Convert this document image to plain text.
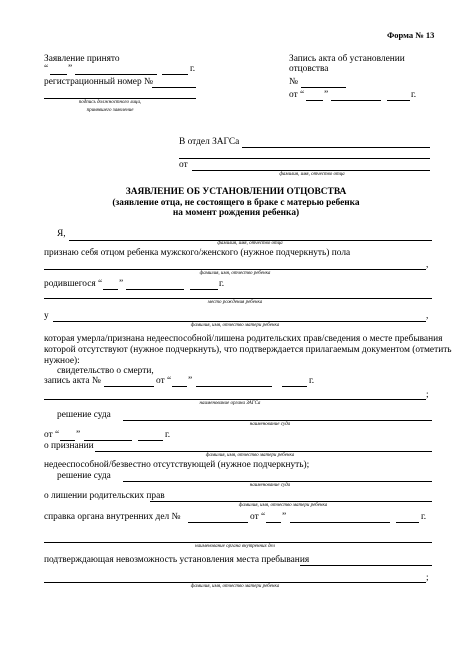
Форма № 13
Заявление принято
“ ”	г.
регистрационный номер №
подпись должностного лица,
принявшего заявление
Запись акта об установлении
отцовства
№
от “ ”	г.
В отдел ЗАГСа
от
фамилия, имя, отчество отца
ЗАЯВЛЕНИЕ ОБ УСТАНОВЛЕНИИ ОТЦОВСТВА
(заявление отца, не состоящего в браке с матерью ребенка
на момент рождения ребенка)
Я,
фамилия, имя, отчество отца
признаю себя отцом ребенка мужского/женского (нужное подчеркнуть) пола
,
фамилия, имя, отчество ребенка
родившегося “ ”	г.
место рождения ребенка
у	,
фамилия, имя, отчество матери ребенка
которая умерла/признана недееспособной/лишена родительских прав/сведения о месте пребывания
которой отсутствуют (нужное подчеркнуть), что подтверждается прилагаемым документом (отметить
нужное):
свидетельство о смерти,
запись акта №	от “ ”	г.
;
наименование органа ЗАГСа
решение суда
наименование суда
от “ ”	г.
о признании
фамилия, имя, отчество матери ребенка
недееспособной/безвестно отсутствующей (нужное подчеркнуть);
решение суда
наименование суда
о лишении родительских прав
фамилия, имя, отчество матери ребенка
справка органа внутренних дел №	от “ ”	г.
наименование органа внутренних дел
подтверждающая невозможность установления места пребывания
;
фамилия, имя, отчество матери ребенка
